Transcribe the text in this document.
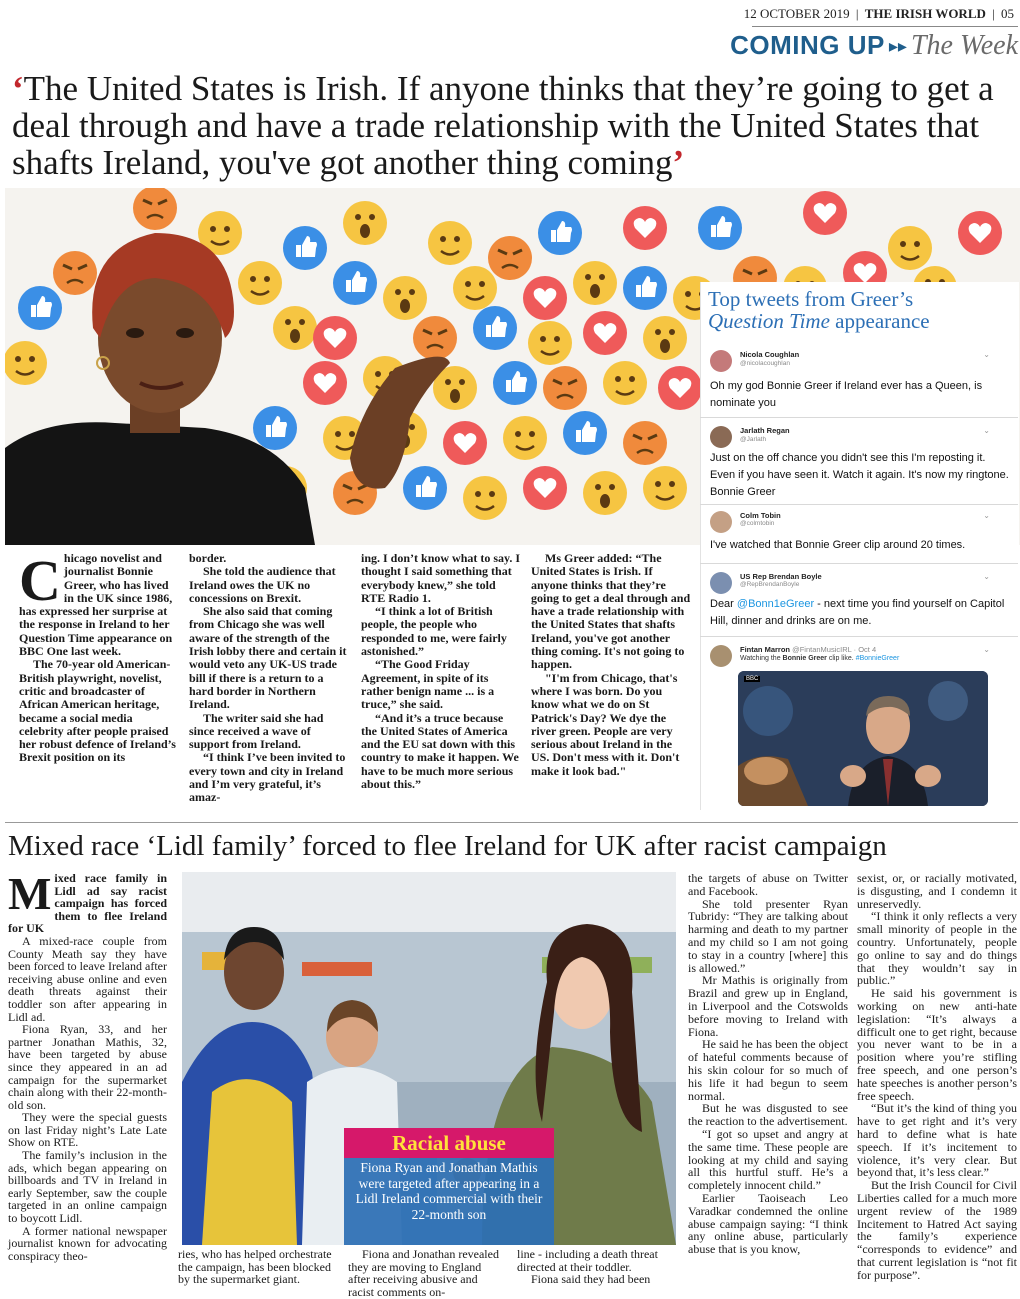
12 OCTOBER 2019 | THE IRISH WORLD | 05
COMING UP ▸▸ The Week
‘The United States is Irish. If anyone thinks that they’re going to get a deal through and have a trade relationship with the United States that shafts Ireland, you've got another thing coming’
Top tweets from Greer’s
Question Time appearance
Nicola Coughlan
@nicolacoughlan
⌄
Oh my god Bonnie Greer if Ireland ever has a Queen, is nominate you
Jarlath Regan
@Jarlath
⌄
Just on the off chance you didn't see this I'm reposting it. Even if you have seen it. Watch it again. It's now my ringtone. Bonnie Greer
Colm Tobin
@colmtobin
⌄
I've watched that Bonnie Greer clip around 20 times.
US Rep Brendan Boyle
@RepBrendanBoyle
⌄
Dear @Bonn1eGreer - next time you find yourself on Capitol Hill, dinner and drinks are on me.
Fintan Marron @FintanMusicIRL · Oct 4
Watching the Bonnie Greer clip like. #BonnieGreer
⌄
BBC

Chicago novelist and journalist Bonnie Greer, who has lived in the UK since 1986, has expressed her surprise at the response in Ireland to her Question Time appearance on BBC One last week.

The 70-year old American-British playwright, novelist, critic and broadcaster of African American heritage, became a social media celebrity after people praised her robust defence of Ireland’s Brexit position on its

border.

She told the audience that Ireland owes the UK no concessions on Brexit.

She also said that coming from Chicago she was well aware of the strength of the Irish lobby there and certain it would veto any UK-US trade bill if there is a return to a hard border in Northern Ireland.

The writer said she had since received a wave of support from Ireland.

“I think I’ve been invited to every town and city in Ireland and I’m very grateful, it’s amaz-

ing. I don’t know what to say. I thought I said something that everybody knew,” she told RTE Radio 1.

“I think a lot of British people, the people who responded to me, were fairly astonished.”

“The Good Friday Agreement, in spite of its rather benign name ... is a truce,” she said.

“And it’s a truce because the United States of America and the EU sat down with this country to make it happen. We have to be much more serious about this.”

Ms Greer added: “The United States is Irish. If anyone thinks that they’re going to get a deal through and have a trade relationship with the United States that shafts Ireland, you've got another thing coming. It's not going to happen.

"I'm from Chicago, that's where I was born. Do you know what we do on St Patrick's Day? We dye the river green. People are very serious about Ireland in the US. Don't mess with it. Don't make it look bad."

Mixed race ‘Lidl family’ forced to flee Ireland for UK after racist campaign

Mixed race family in Lidl ad say racist campaign has forced them to flee Ireland for UK

A mixed-race couple from County Meath say they have been forced to leave Ireland after receiving abuse online and even death threats against their toddler son after appearing in Lidl ad.

Fiona Ryan, 33, and her partner Jonathan Mathis, 32, have been targeted by abuse since they appeared in an ad campaign for the supermarket chain along with their 22-month-old son.

They were the special guests on last Friday night’s Late Late Show on RTE.

The family’s inclusion in the ads, which began appearing on billboards and TV in Ireland in early September, saw the couple targeted in an online campaign to boycott Lidl.

A former national newspaper journalist known for advocating conspiracy theo-

Racial abuse
Fiona Ryan and Jonathan Mathis were targeted after appearing in a Lidl Ireland commercial with their 22-month son

ries, who has helped orchestrate the campaign, has been blocked by the supermarket giant.

Fiona and Jonathan revealed they are moving to England after receiving abusive and racist comments on-

line - including a death threat directed at their toddler.

Fiona said they had been

the targets of abuse on Twitter and Facebook.

She told presenter Ryan Tubridy: “They are talking about harming and death to my partner and my child so I am not going to stay in a country [where] this is allowed.”

Mr Mathis is originally from Brazil and grew up in England, in Liverpool and the Cotswolds before moving to Ireland with Fiona.

He said he has been the object of hateful comments because of his skin colour for so much of his life it had begun to seem normal.

But he was disgusted to see the reaction to the advertisement.

“I got so upset and angry at the same time. These people are looking at my child and saying all this hurtful stuff. He’s a completely innocent child.”

Earlier Taoiseach Leo Varadkar condemned the online abuse campaign saying: “I think any online abuse, particularly abuse that is you know,

sexist, or, or racially motivated, is disgusting, and I condemn it unreservedly.

“I think it only reflects a very small minority of people in the country. Unfortunately, people go online to say and do things that they wouldn’t say in public.”

He said his government is working on new anti-hate legislation: “It’s always a difficult one to get right, because you never want to be in a position where you’re stifling free speech, and one person’s hate speeches is another person’s free speech.

“But it’s the kind of thing you have to get right and it’s very hard to define what is hate speech. If it’s incitement to violence, it’s very clear. But beyond that, it’s less clear.”

But the Irish Council for Civil Liberties called for a much more urgent review of the 1989 Incitement to Hatred Act saying the family’s experience “corresponds to evidence” and that current legislation is “not fit for purpose”.
